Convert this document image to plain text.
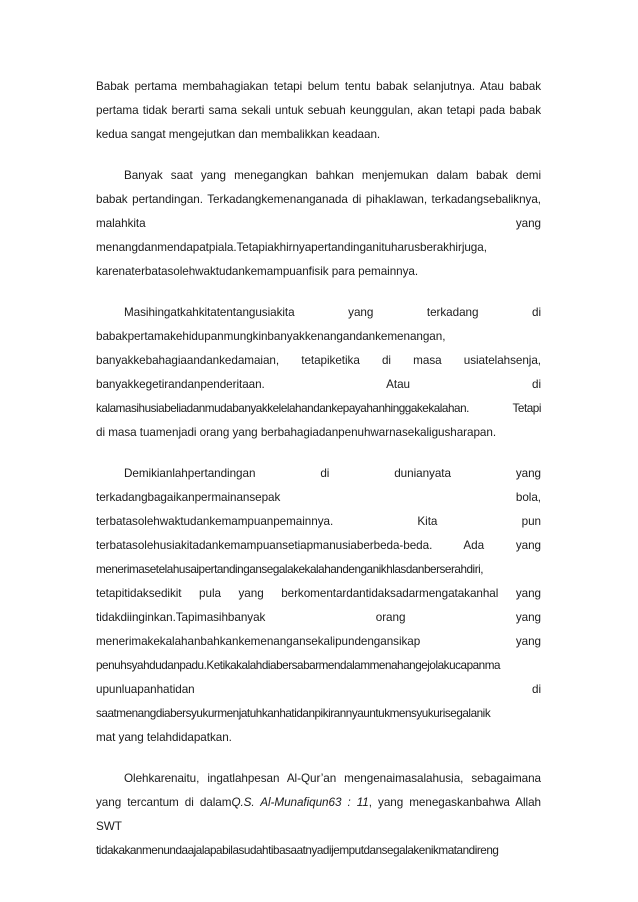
Babak pertama membahagiakan tetapi belum tentu babak selanjutnya. Atau babak
pertama tidak berarti sama sekali untuk sebuah keunggulan, akan tetapi pada babak
kedua sangat mengejutkan dan membalikkan keadaan.
Banyak saat yang menegangkan bahkan menjemukan dalam babak demi
babak pertandingan. Terkadangkemenanganada di pihaklawan, terkadangsebaliknya,
malahkita yang
menangdanmendapatpiala.Tetapiakhirnyapertandinganituharusberakhirjuga,
karenaterbatasolehwaktudankemampuanfisik para pemainnya.
Masihingatkahkitatentangusiakita yang terkadang di
babakpertamakehidupanmungkinbanyakkenangandankemenangan,
banyakkebahagiaandankedamaian, tetapiketika di masa usiatelahsenja,
banyakkegetirandanpenderitaan. Atau di
kalamasihusiabeliadanmudabanyakkelelahandankepayahanhinggakekalahan. Tetapi
di masa tuamenjadi orang yang berbahagiadanpenuhwarnasekaligusharapan.
Demikianlahpertandingan di dunianyata yang
terkadangbagaikanpermainansepak bola,
terbatasolehwaktudankemampuanpemainnya. Kita pun
terbatasolehusiakitadankemampuansetiapmanusiaberbeda-beda. Ada yang
menerimasetelahusaipertandingansegalakekalahandenganikhlasdanberserahdiri,
tetapitidaksedikit pula yang berkomentardantidaksadarmengatakanhal yang
tidakdiinginkan.Tapimasihbanyak orang yang
menerimakekalahanbahkankemenangansekalipundengansikap yang
penuhsyahdudanpadu.Ketikakalahdiabersabarmendalammenahangejolakucapanma
upunluapanhatidan di
saatmenangdiabersyukurmenjatuhkanhatidanpikirannyauntukmensyukurisegalanik
mat yang telahdidapatkan.
Olehkarenaitu, ingatlahpesan Al-Qur’an mengenaimasalahusia, sebagaimana
yang tercantum di dalamQ.S. Al-Munafiqun63 : 11, yang menegaskanbahwa Allah
SWT
tidakakanmenundaajalapabilasudahtibasaatnyadijemputdansegalakenikmatandireng
